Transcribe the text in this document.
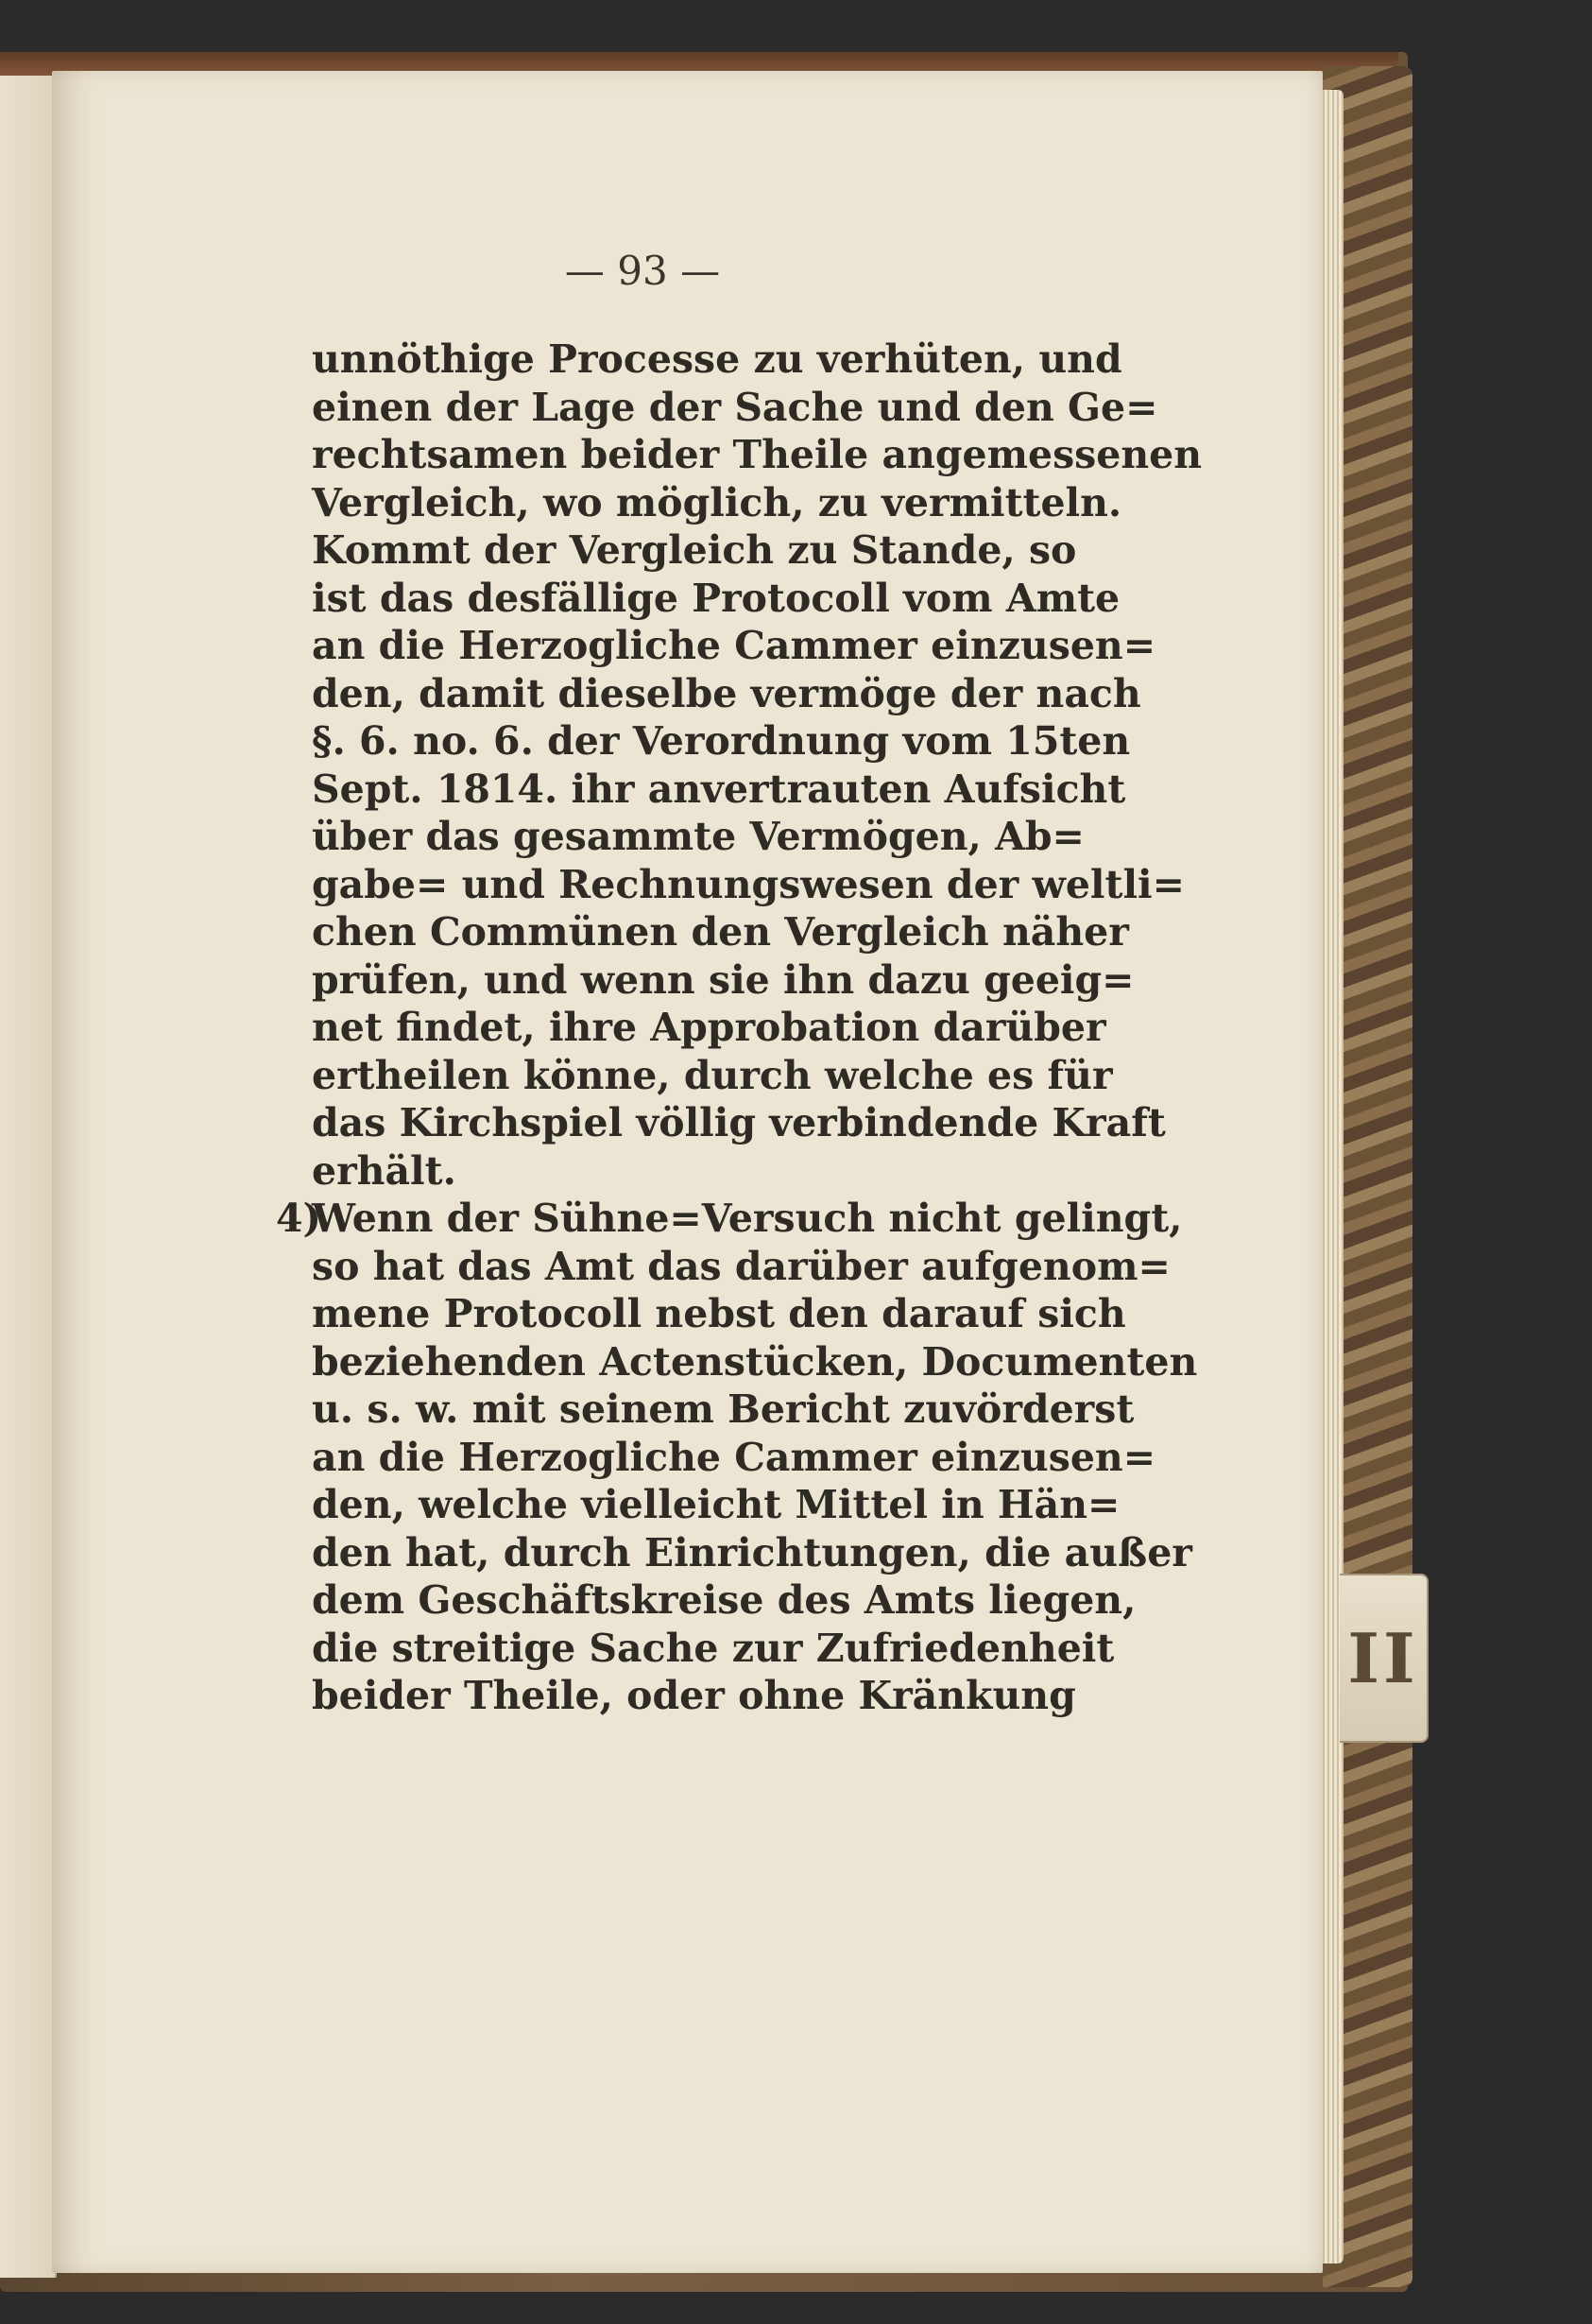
II
— 93 —
unnöthige Processe zu verhüten, und
einen der Lage der Sache und den Ge=
rechtsamen beider Theile angemessenen
Vergleich, wo möglich, zu vermitteln.
Kommt der Vergleich zu Stande, so
ist das desfällige Protocoll vom Amte
an die Herzogliche Cammer einzusen=
den, damit dieselbe vermöge der nach
§. 6. no. 6. der Verordnung vom 15ten
Sept. 1814. ihr anvertrauten Aufsicht
über das gesammte Vermögen, Ab=
gabe= und Rechnungswesen der weltli=
chen Commünen den Vergleich näher
prüfen, und wenn sie ihn dazu geeig=
net findet, ihre Approbation darüber
ertheilen könne, durch welche es für
das Kirchspiel völlig verbindende Kraft
erhält.
4)
Wenn der Sühne=Versuch nicht gelingt,
so hat das Amt das darüber aufgenom=
mene Protocoll nebst den darauf sich
beziehenden Actenstücken, Documenten
u. s. w. mit seinem Bericht zuvörderst
an die Herzogliche Cammer einzusen=
den, welche vielleicht Mittel in Hän=
den hat, durch Einrichtungen, die außer
dem Geschäftskreise des Amts liegen,
die streitige Sache zur Zufriedenheit
beider Theile, oder ohne Kränkung
